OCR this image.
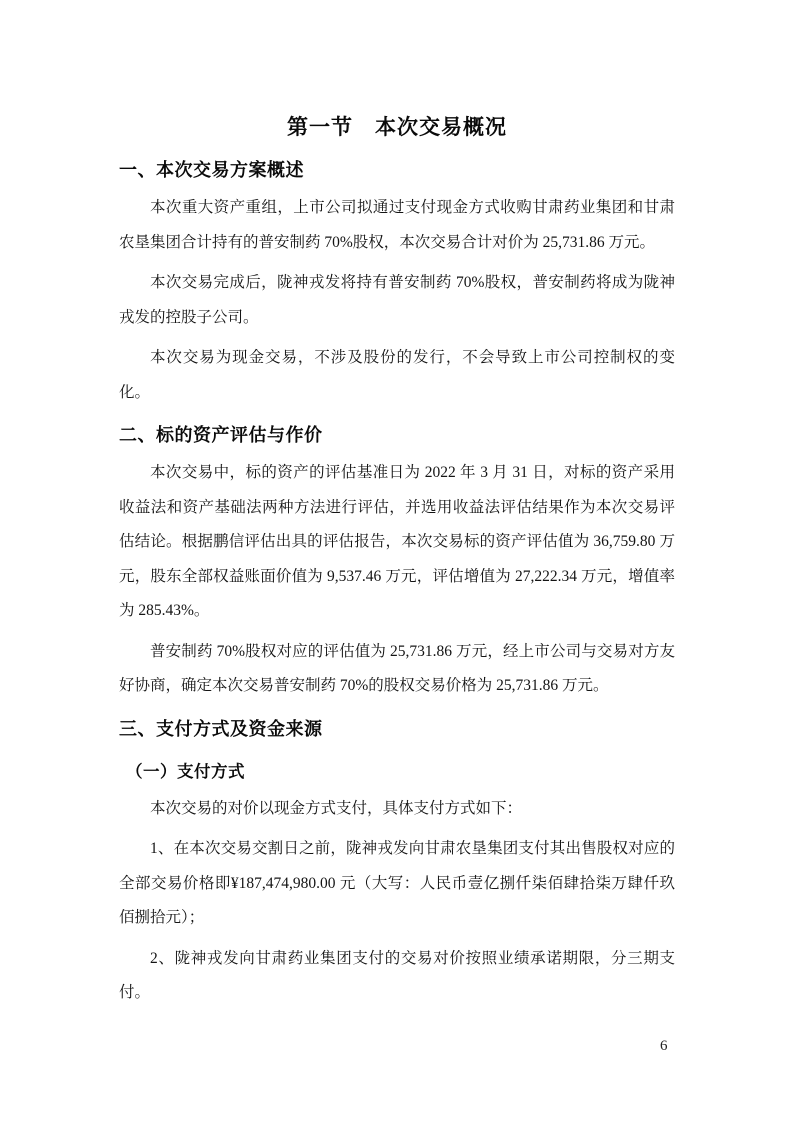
第一节　本次交易概况
一、本次交易方案概述

本次重大资产重组，上市公司拟通过支付现金方式收购甘肃药业集团和甘肃农垦集团合计持有的普安制药 70%股权，本次交易合计对价为 25,731.86 万元。

本次交易完成后，陇神戎发将持有普安制药 70%股权，普安制药将成为陇神戎发的控股子公司。

本次交易为现金交易，不涉及股份的发行，不会导致上市公司控制权的变化。

二、标的资产评估与作价

本次交易中，标的资产的评估基准日为 2022 年 3 月 31 日，对标的资产采用收益法和资产基础法两种方法进行评估，并选用收益法评估结果作为本次交易评估结论。根据鹏信评估出具的评估报告，本次交易标的资产评估值为 36,759.80 万元，股东全部权益账面价值为 9,537.46 万元，评估增值为 27,222.34 万元，增值率为 285.43%。

普安制药 70%股权对应的评估值为 25,731.86 万元，经上市公司与交易对方友好协商，确定本次交易普安制药 70%的股权交易价格为 25,731.86 万元。

三、支付方式及资金来源
（一）支付方式

本次交易的对价以现金方式支付，具体支付方式如下：

1、在本次交易交割日之前，陇神戎发向甘肃农垦集团支付其出售股权对应的全部交易价格即¥187,474,980.00 元（大写：人民币壹亿捌仟柒佰肆拾柒万肆仟玖佰捌拾元）；

2、陇神戎发向甘肃药业集团支付的交易对价按照业绩承诺期限，分三期支付。

6
